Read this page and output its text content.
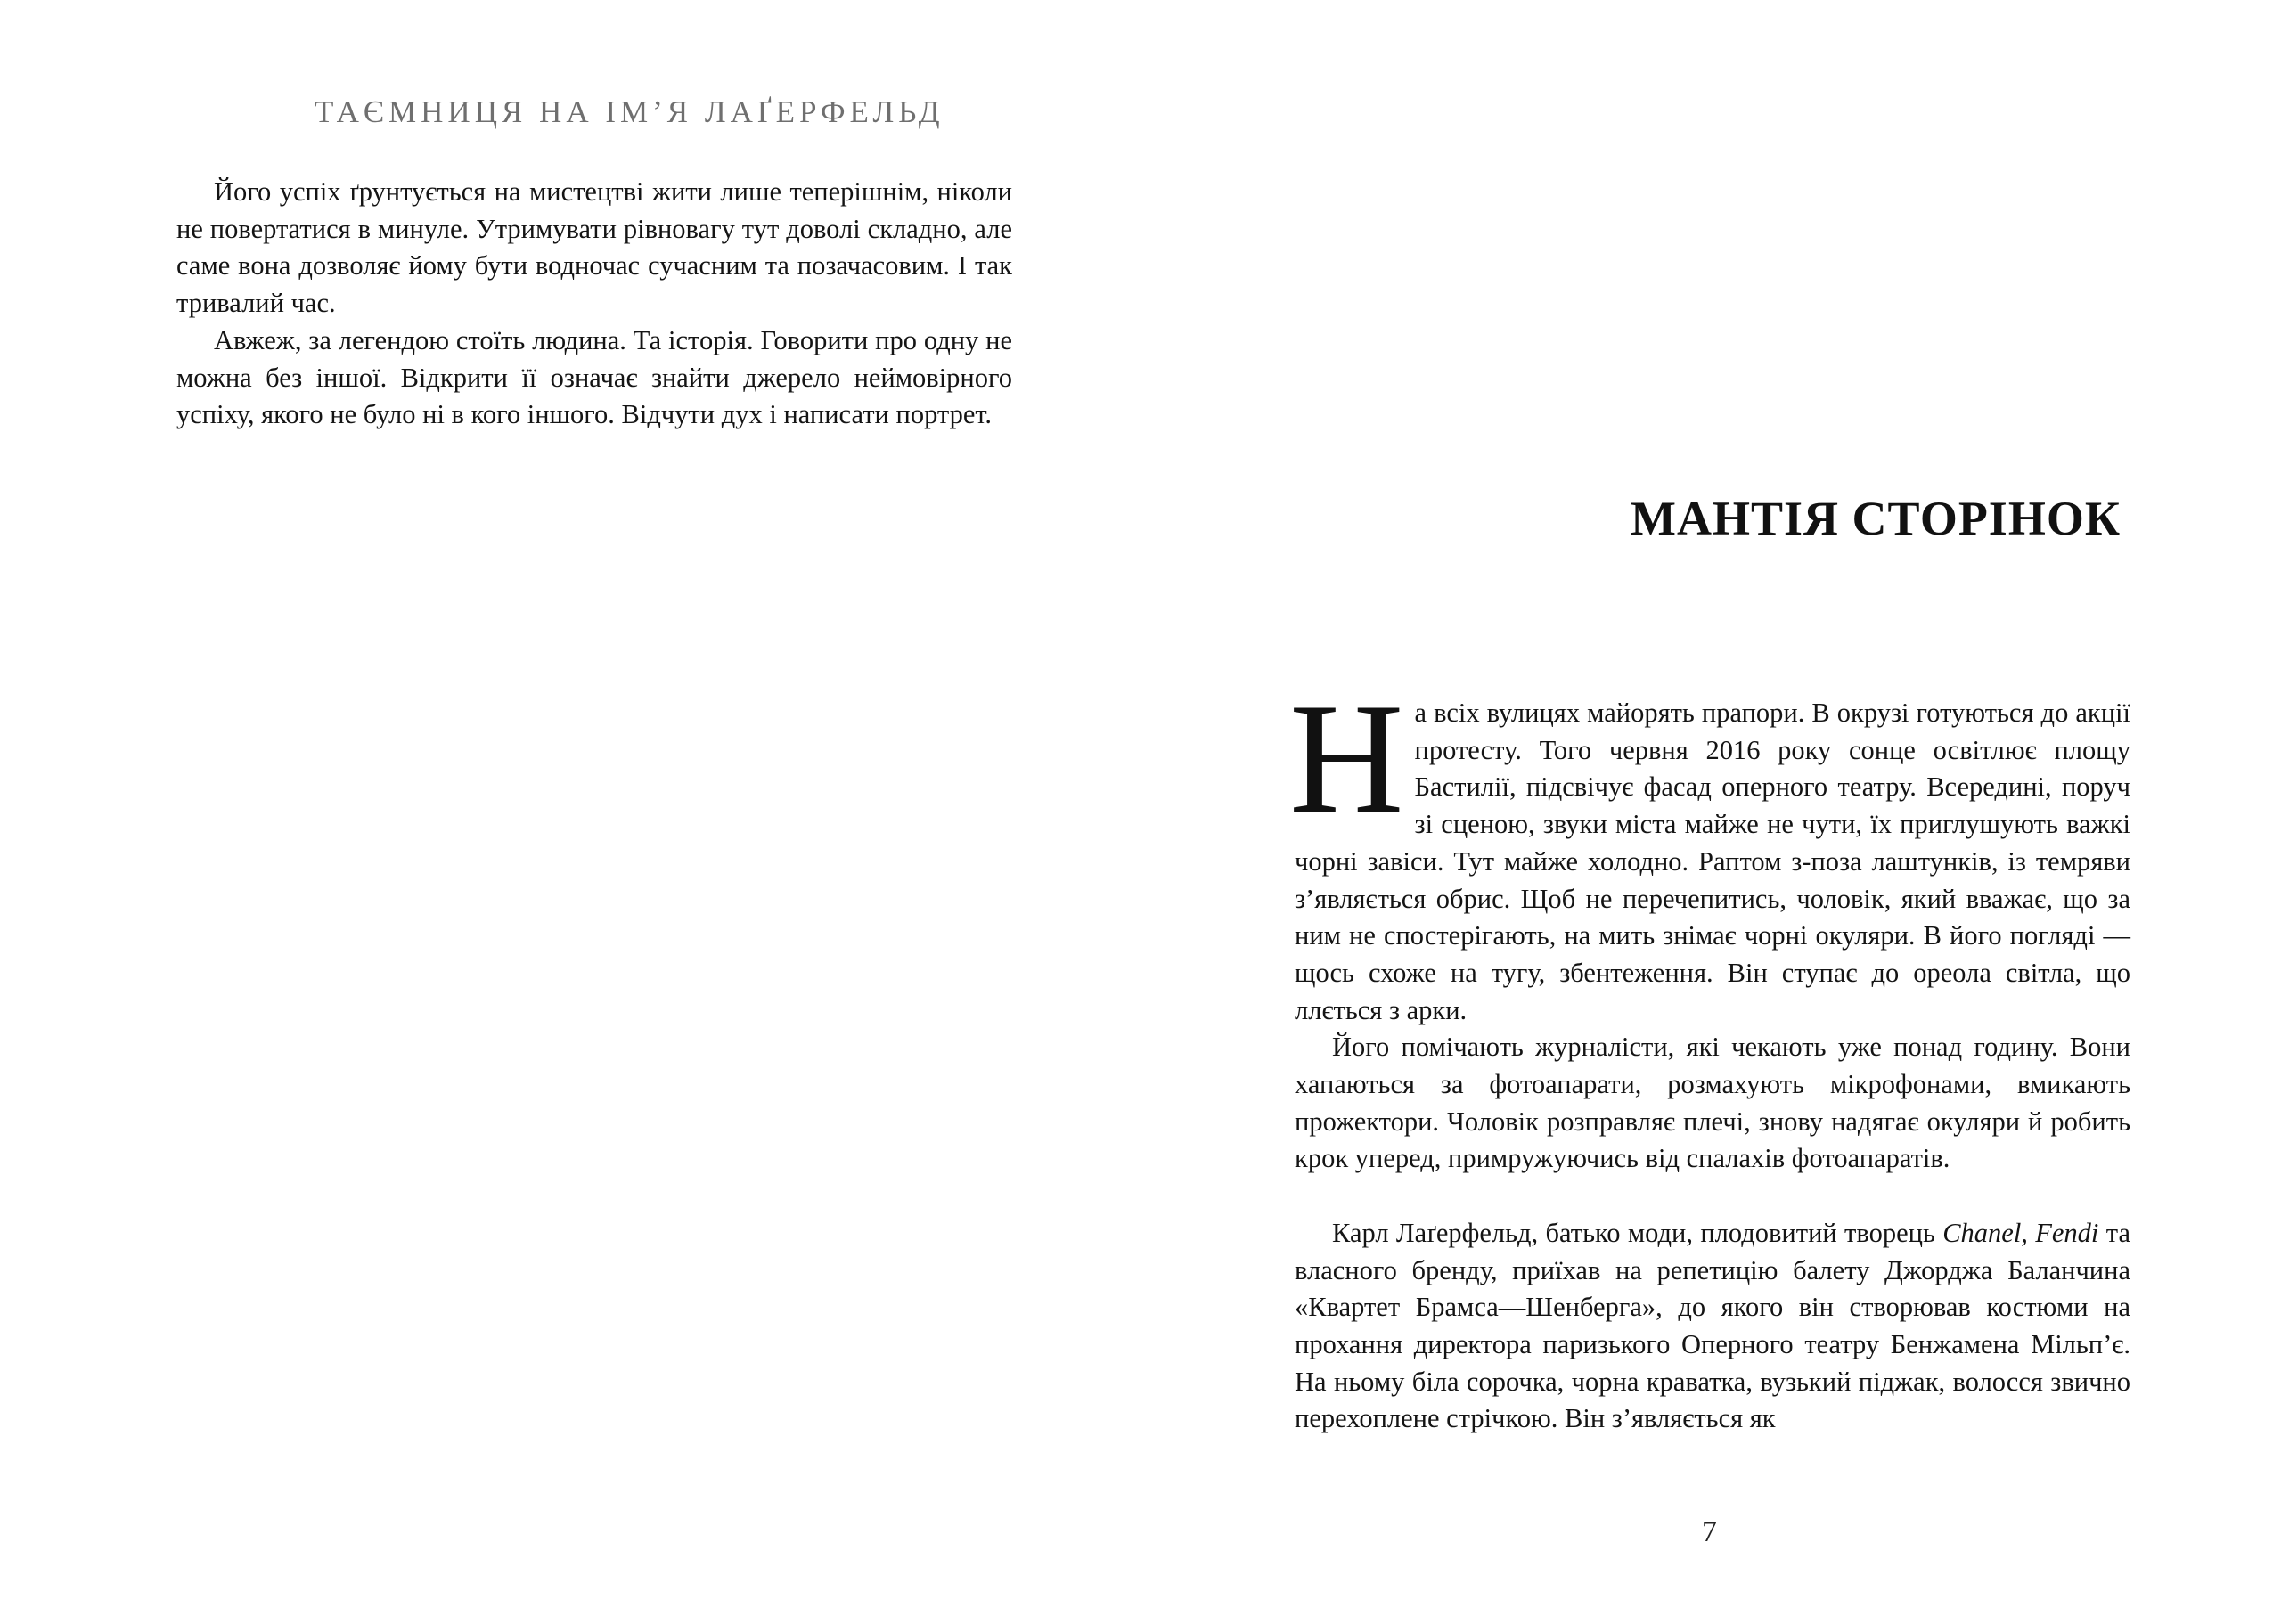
ТАЄМНИЦЯ НА ІМ’Я ЛАҐЕРФЕЛЬД

Його успіх ґрунтується на мистецтві жити лише теперішнім, ніколи не повертатися в минуле. Утримувати рівновагу тут доволі складно, але саме вона дозволяє йому бути водночас сучасним та позачасовим. І так тривалий час.

Авжеж, за легендою стоїть людина. Та історія. Говорити про одну не можна без іншої. Відкрити її означає знайти джерело неймовірного успіху, якого не було ні в кого іншого. Відчути дух і написати портрет.

МАНТІЯ СТОРІНОК
Н а всіх вулицях майорять прапори. В окрузі готуються до акції протесту. Того червня 2016 року сонце освітлює площу Бастилії, підсвічує фасад оперного театру. Всередині, поруч зі сценою, звуки міста майже не чути, їх приглушують важкі чорні завіси. Тут майже холодно. Раптом з-поза лаштунків, із темряви з’являється обрис. Щоб не перечепитись, чоловік, який вважає, що за ним не спостерігають, на мить знімає чорні окуляри. В його погляді — щось схоже на тугу, збентеження. Він ступає до ореола світла, що ллється з арки.

Його помічають журналісти, які чекають уже понад годину. Вони хапаються за фотоапарати, розмахують мікрофонами, вмикають прожектори. Чоловік розправляє плечі, знову надягає окуляри й робить крок уперед, примружуючись від спалахів фотоапаратів.

Карл Лаґерфельд, батько моди, плодовитий творець Chanel, Fendi та власного бренду, приїхав на репетицію балету Джорджа Баланчина «Квартет Брамса—Шенберга», до якого він створював костюми на прохання директора паризького Оперного театру Бенжамена Мільп’є. На ньому біла сорочка, чорна краватка, вузький піджак, волосся звично перехоплене стрічкою. Він з’являється як

7
